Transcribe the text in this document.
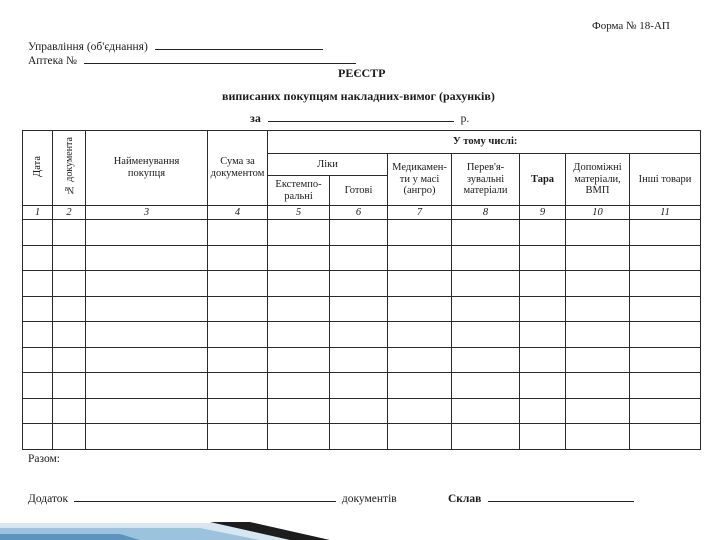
Форма № 18-АП
Управління (об'єднання)
Аптека №
РЕЄСТР
виписаних покупцям накладних-вимог (рахунків)
за	р.
Дата	№ документа	Найменування покупця	Сума за документом	У тому числі:						
				Ліки		Медикамен-ти у масі (ангро)	Перев'я-зувальні матеріали	Тара	Допоміжні матеріали, ВМП	Інші товари
				Екстемпо-ральні	Готові					
1	2	3	4	5	6	7	8	9	10	11

Разом:
Додаток	документів	Склав
